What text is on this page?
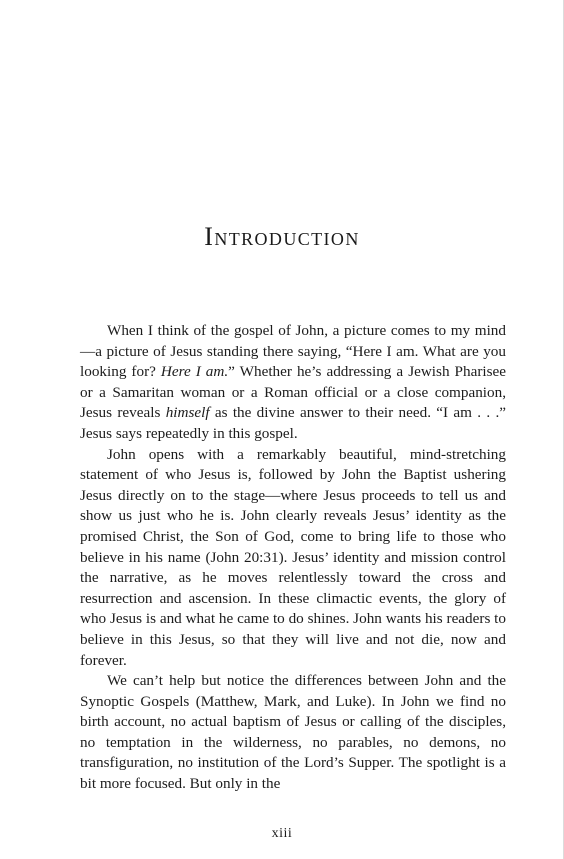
Introduction

When I think of the gospel of John, a picture comes to my mind—a picture of Jesus standing there saying, “Here I am. What are you looking for? Here I am.” Whether he’s addressing a Jewish Pharisee or a Samaritan woman or a Roman official or a close companion, Jesus reveals himself as the divine answer to their need. “I am . . .” Jesus says repeatedly in this gospel.

John opens with a remarkably beautiful, mind-stretching statement of who Jesus is, followed by John the Baptist ushering Jesus directly on to the stage—where Jesus proceeds to tell us and show us just who he is. John clearly reveals Jesus’ identity as the promised Christ, the Son of God, come to bring life to those who believe in his name (John 20:31). Jesus’ identity and mission control the narrative, as he moves relentlessly toward the cross and resurrection and ascension. In these climactic events, the glory of who Jesus is and what he came to do shines. John wants his readers to believe in this Jesus, so that they will live and not die, now and forever.

We can’t help but notice the differences between John and the Synoptic Gospels (Matthew, Mark, and Luke). In John we find no birth account, no actual baptism of Jesus or calling of the disciples, no temptation in the wilderness, no parables, no demons, no transfiguration, no institution of the Lord’s Supper. The spotlight is a bit more focused. But only in the

xiii
